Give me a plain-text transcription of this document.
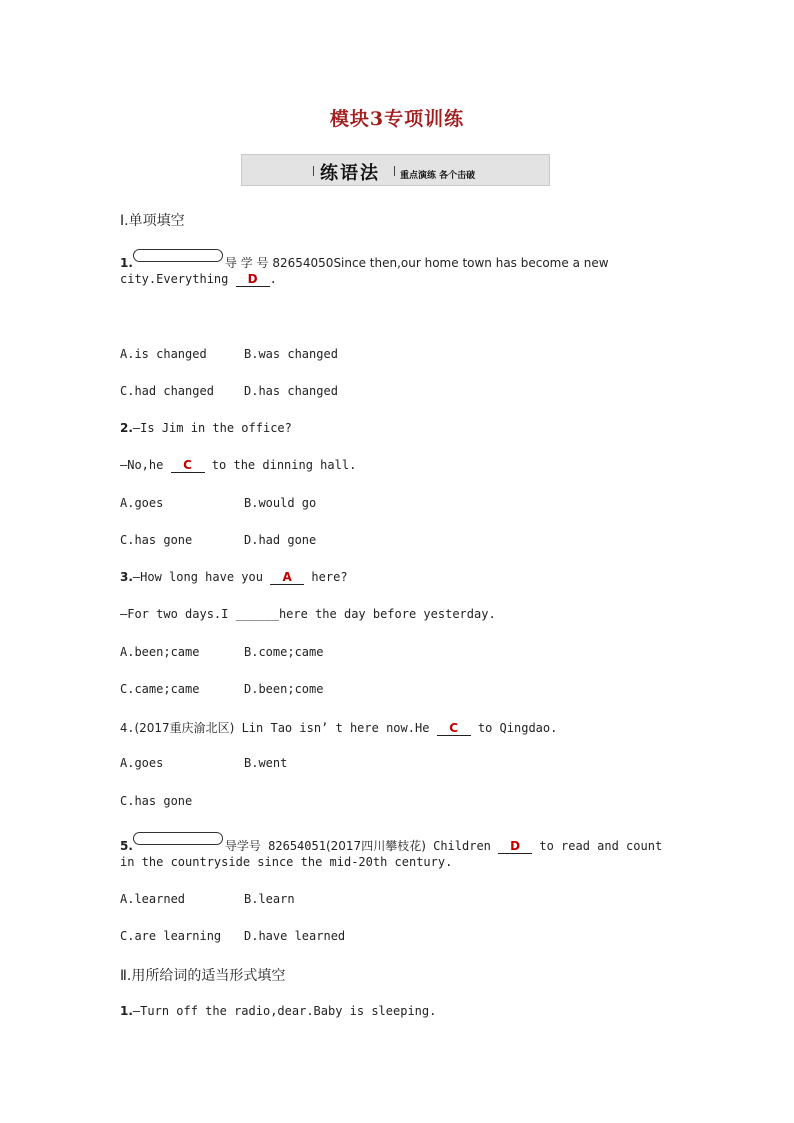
模块3专项训练
练语法 重点演练 各个击破
Ⅰ.单项填空
1.	导 学 号 82654050Since then,our home town has become a new
city.Everything D .
A.is changed	B.was changed
C.had changed	D.has changed
2.—Is Jim in the office?
—No,he C to the dinning hall.
A.goes	B.would go
C.has gone	D.had gone
3.—How long have you A here?
—For two days.I ______here the day before yesterday.
A.been;came	B.come;came
C.came;came	D.been;come
4.(2017重庆渝北区) Lin Tao isn’ t here now.He C to Qingdao.
A.goes	B.went
C.has gone
5.	导学号 82654051(2017四川攀枝花) Children D to read and count
in the countryside since the mid-20th century.
A.learned	B.learn
C.are learning D.have learned
Ⅱ.用所给词的适当形式填空
1.—Turn off the radio,dear.Baby is sleeping.
